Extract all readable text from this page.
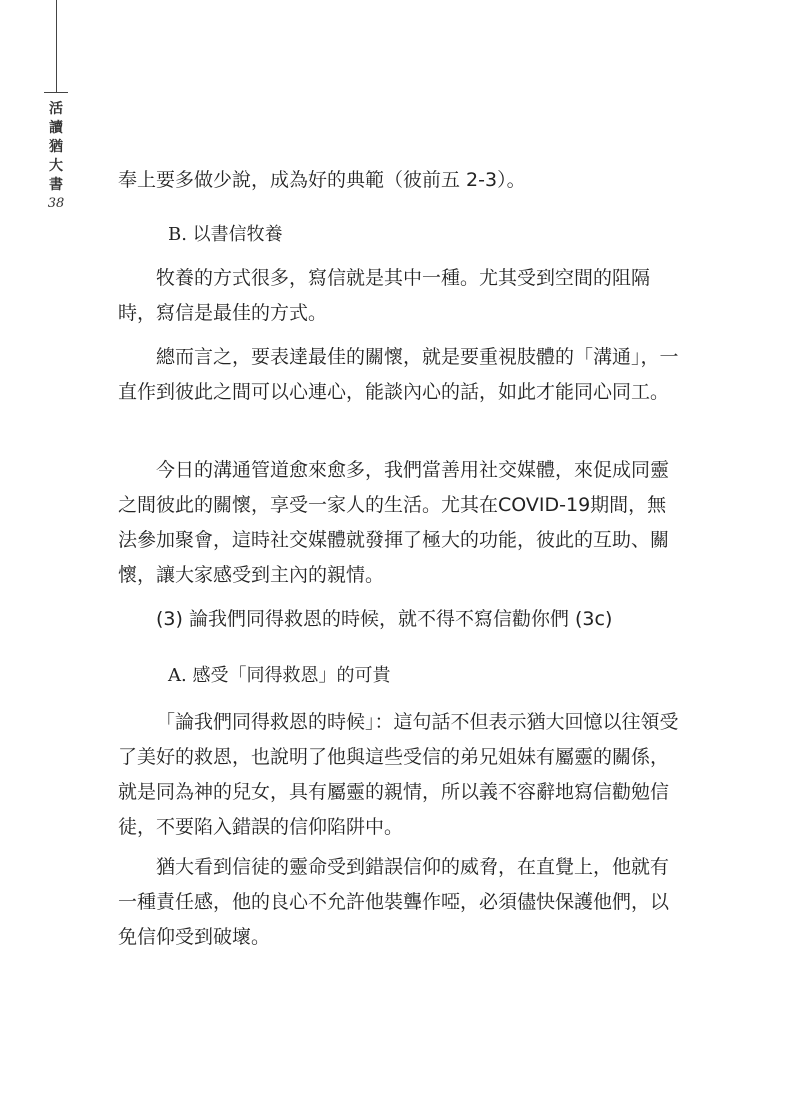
活
讀
猶
大
書
38

奉上要多做少說，成為好的典範（彼前五 2-3）。

B. 以書信牧養

牧養的方式很多，寫信就是其中一種。尤其受到空間的阻隔時，寫信是最佳的方式。

總而言之，要表達最佳的關懷，就是要重視肢體的「溝通」，一直作到彼此之間可以心連心，能談內心的話，如此才能同心同工。

今日的溝通管道愈來愈多，我們當善用社交媒體，來促成同靈之間彼此的關懷，享受一家人的生活。尤其在COVID-19期間，無法參加聚會，這時社交媒體就發揮了極大的功能，彼此的互助、關懷，讓大家感受到主內的親情。

(3) 論我們同得救恩的時候，就不得不寫信勸你們 (3c)

A. 感受「同得救恩」的可貴

「論我們同得救恩的時候」：這句話不但表示猶大回憶以往領受了美好的救恩，也說明了他與這些受信的弟兄姐妹有屬靈的關係，就是同為神的兒女，具有屬靈的親情，所以義不容辭地寫信勸勉信徒，不要陷入錯誤的信仰陷阱中。

猶大看到信徒的靈命受到錯誤信仰的威脅，在直覺上，他就有一種責任感，他的良心不允許他裝聾作啞，必須儘快保護他們，以免信仰受到破壞。
